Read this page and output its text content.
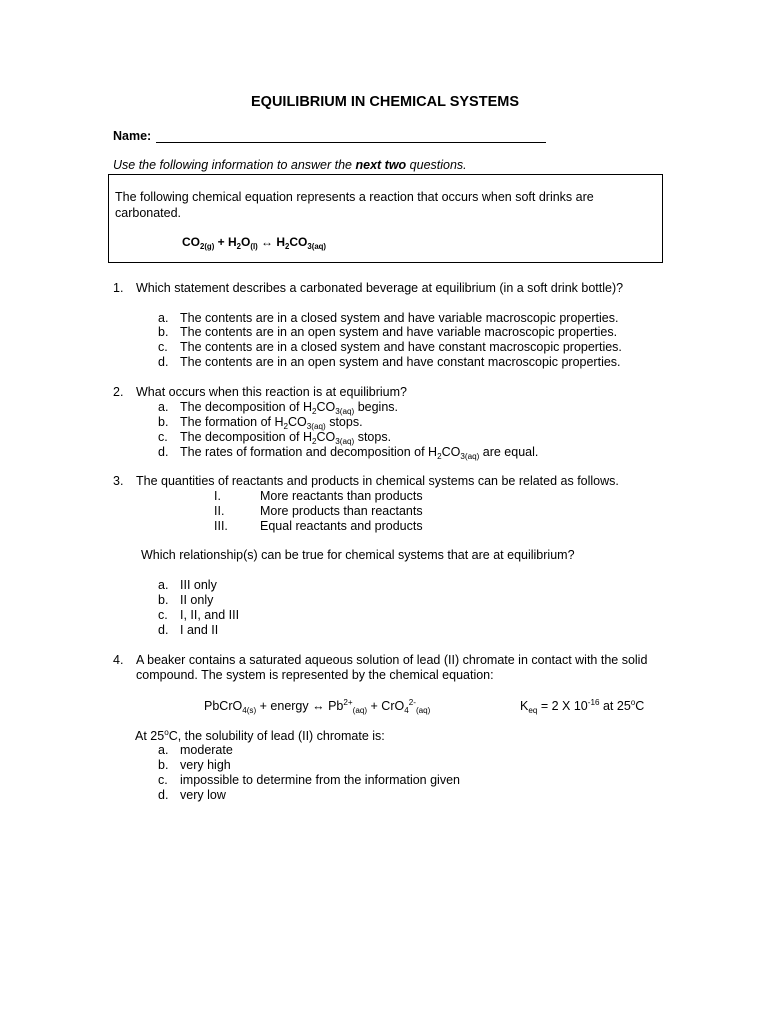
EQUILIBRIUM IN CHEMICAL SYSTEMS
Name:
Use the following information to answer the next two questions.
The following chemical equation represents a reaction that occurs when soft drinks are carbonated.
$CO_{2(g)} + H_2O_{(l)}$ ↔ $H_2CO_{3(aq)}$
1. Which statement describes a carbonated beverage at equilibrium (in a soft drink bottle)?
a. The contents are in a closed system and have variable macroscopic properties.
b. The contents are in an open system and have variable macroscopic properties.
c. The contents are in a closed system and have constant macroscopic properties.
d. The contents are in an open system and have constant macroscopic properties.
2. What occurs when this reaction is at equilibrium?
a. The decomposition of $H_2CO_{3(aq)}$ begins.
b. The formation of $H_2CO_{3(aq)}$ stops.
c. The decomposition of $H_2CO_{3(aq)}$ stops.
d. The rates of formation and decomposition of $H_2CO_{3(aq)}$ are equal.
3. The quantities of reactants and products in chemical systems can be related as follows.
I.	More reactants than products
II.	More products than reactants
III.	Equal reactants and products
Which relationship(s) can be true for chemical systems that are at equilibrium?
a. III only
b. II only
c. I, II, and III
d. I and II
4. A beaker contains a saturated aqueous solution of lead (II) chromate in contact with the solid
compound. The system is represented by the chemical equation:
PbCrO$_{4(s)}$ + energy ↔ $Pb^{2+}_{(aq)} + CrO_4^{2-}_{(aq)}$	$K_{eq} = 2$ X $10^{-16}$ at 25$^o$C
At 25$^o$C, the solubility of lead (II) chromate is:
a. moderate
b. very high
c. impossible to determine from the information given
d. very low
